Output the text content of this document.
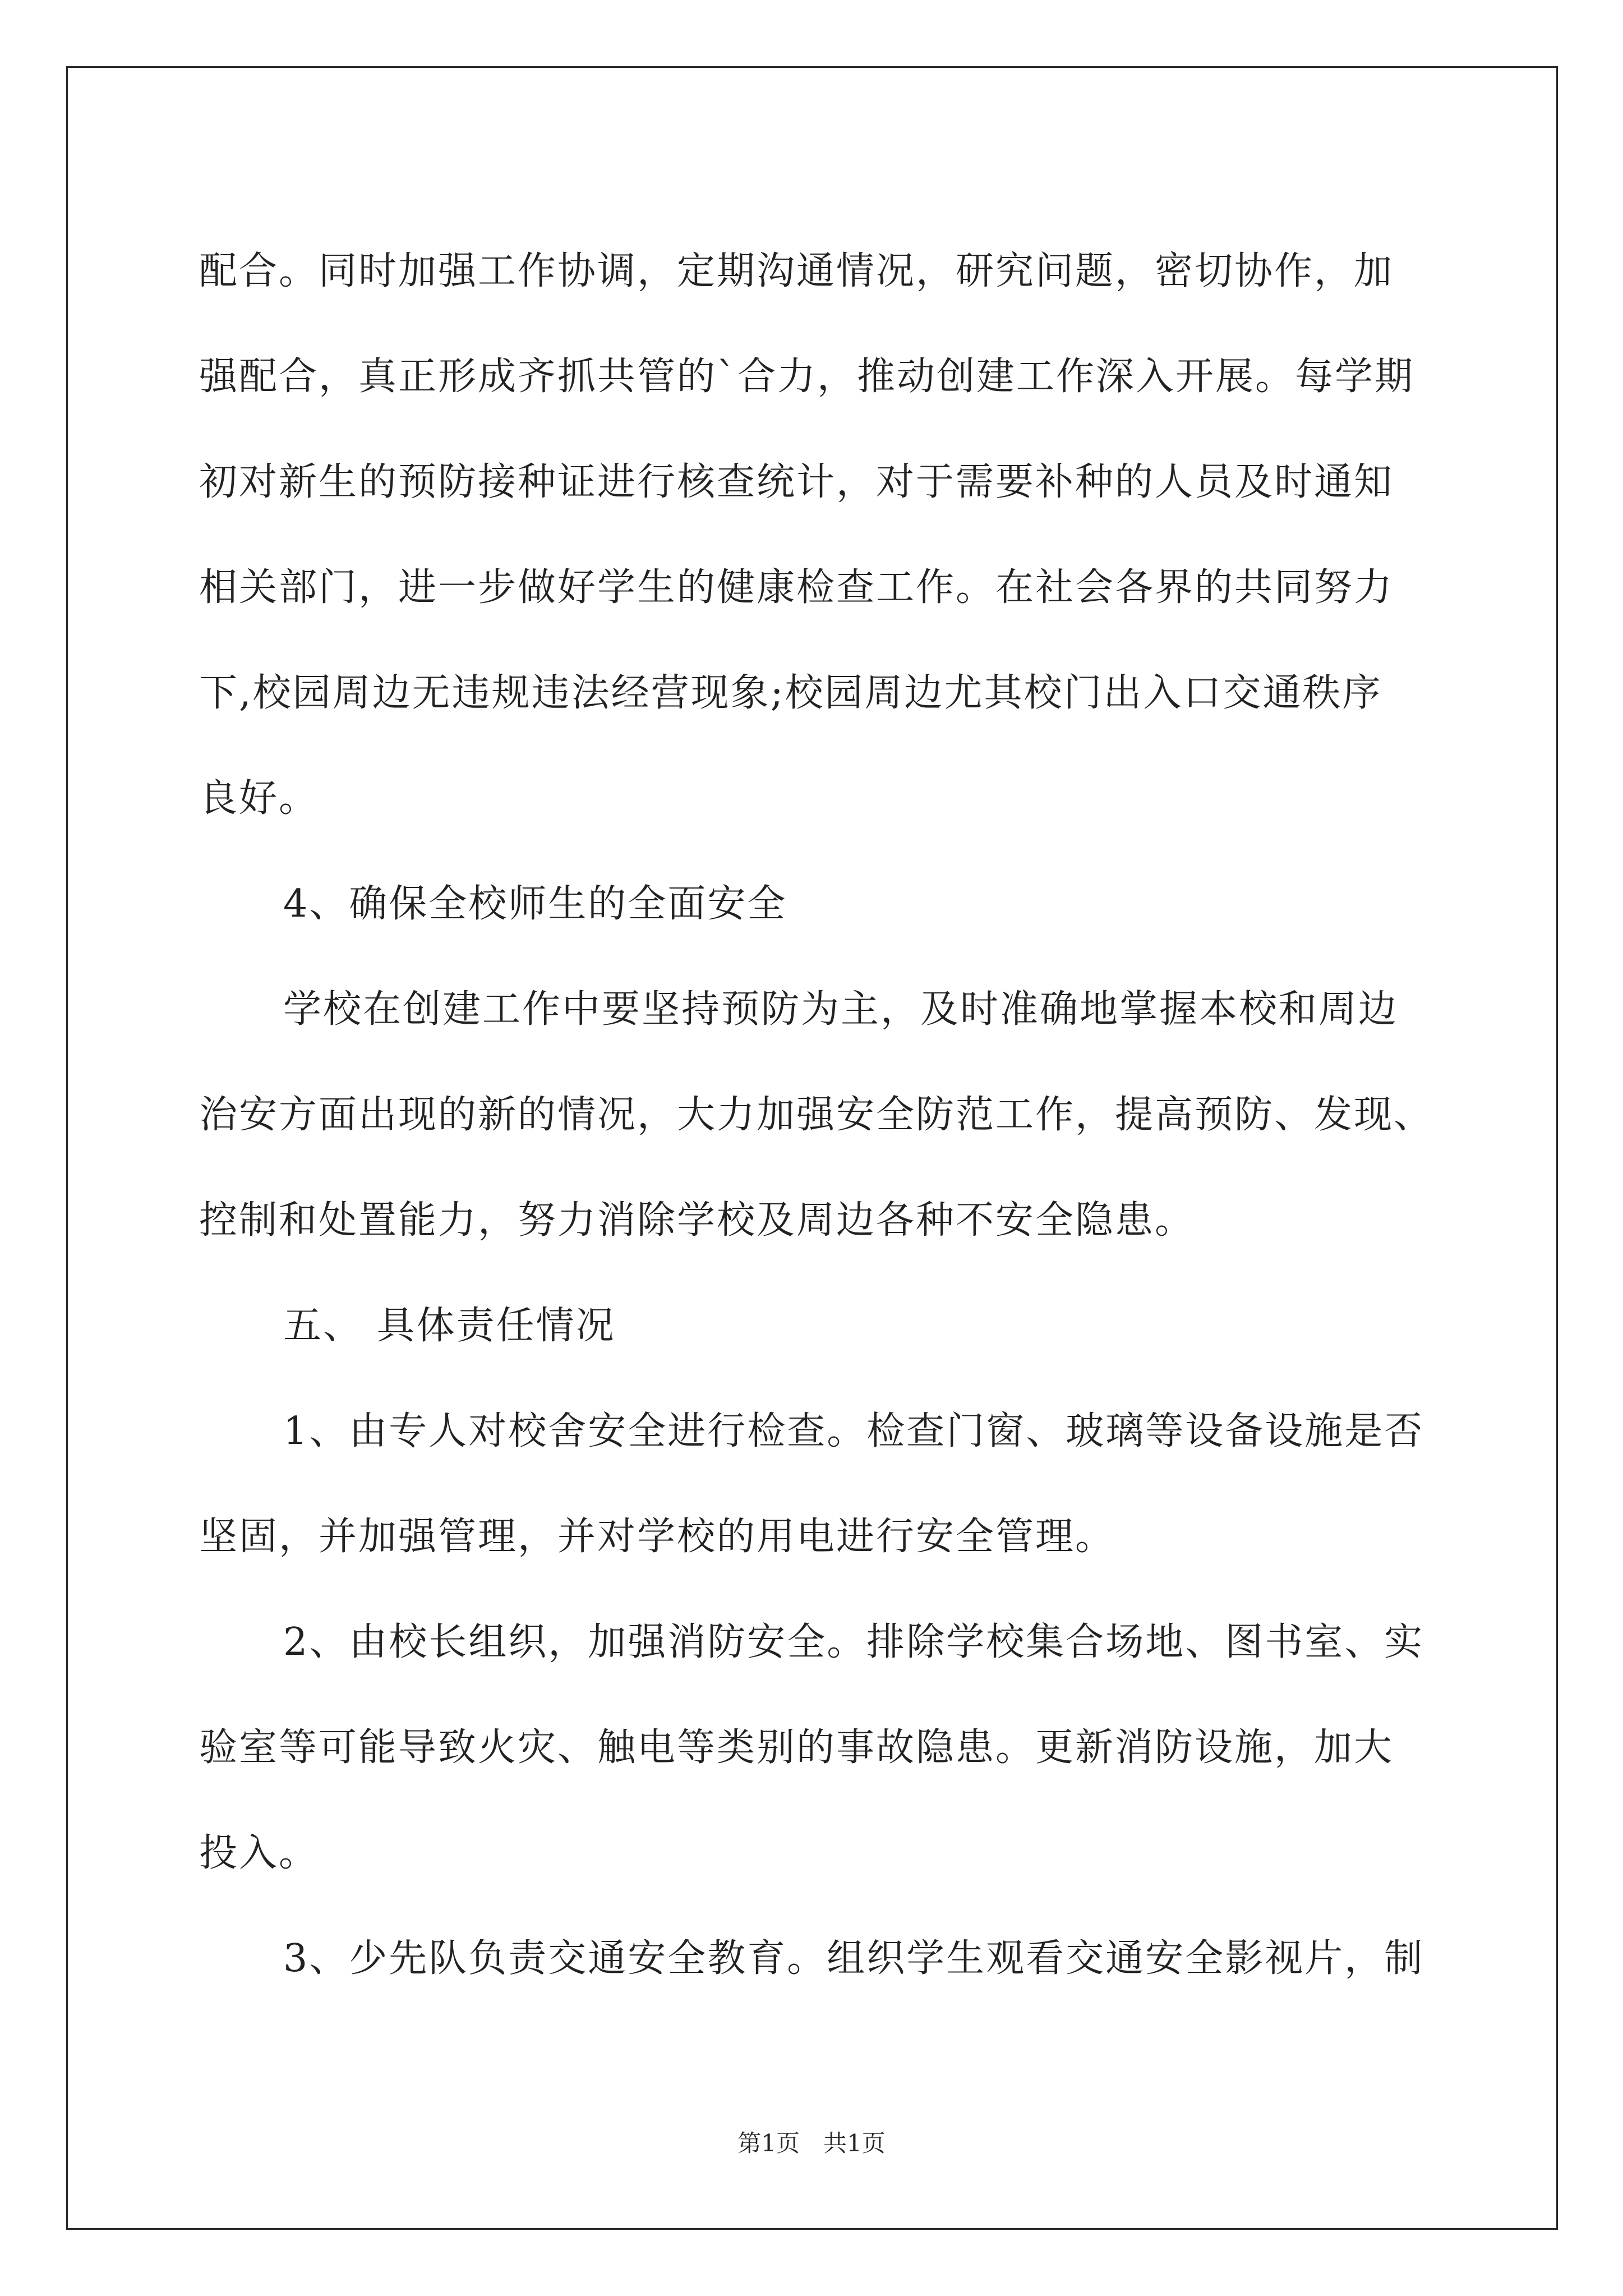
配合。同时加强工作协调，定期沟通情况，研究问题，密切协作，加
强配合，真正形成齐抓共管的`合力，推动创建工作深入开展。每学期
初对新生的预防接种证进行核查统计，对于需要补种的人员及时通知
相关部门，进一步做好学生的健康检查工作。在社会各界的共同努力
下,校园周边无违规违法经营现象;校园周边尤其校门出入口交通秩序
良好。

4、确保全校师生的全面安全

学校在创建工作中要坚持预防为主，及时准确地掌握本校和周边
治安方面出现的新的情况，大力加强安全防范工作，提高预防、发现、
控制和处置能力，努力消除学校及周边各种不安全隐患。

五、 具体责任情况

1、由专人对校舍安全进行检查。检查门窗、玻璃等设备设施是否
坚固，并加强管理，并对学校的用电进行安全管理。

2、由校长组织，加强消防安全。排除学校集合场地、图书室、实
验室等可能导致火灾、触电等类别的事故隐患。更新消防设施，加大
投入。

3、少先队负责交通安全教育。组织学生观看交通安全影视片，制

第1页　共1页
